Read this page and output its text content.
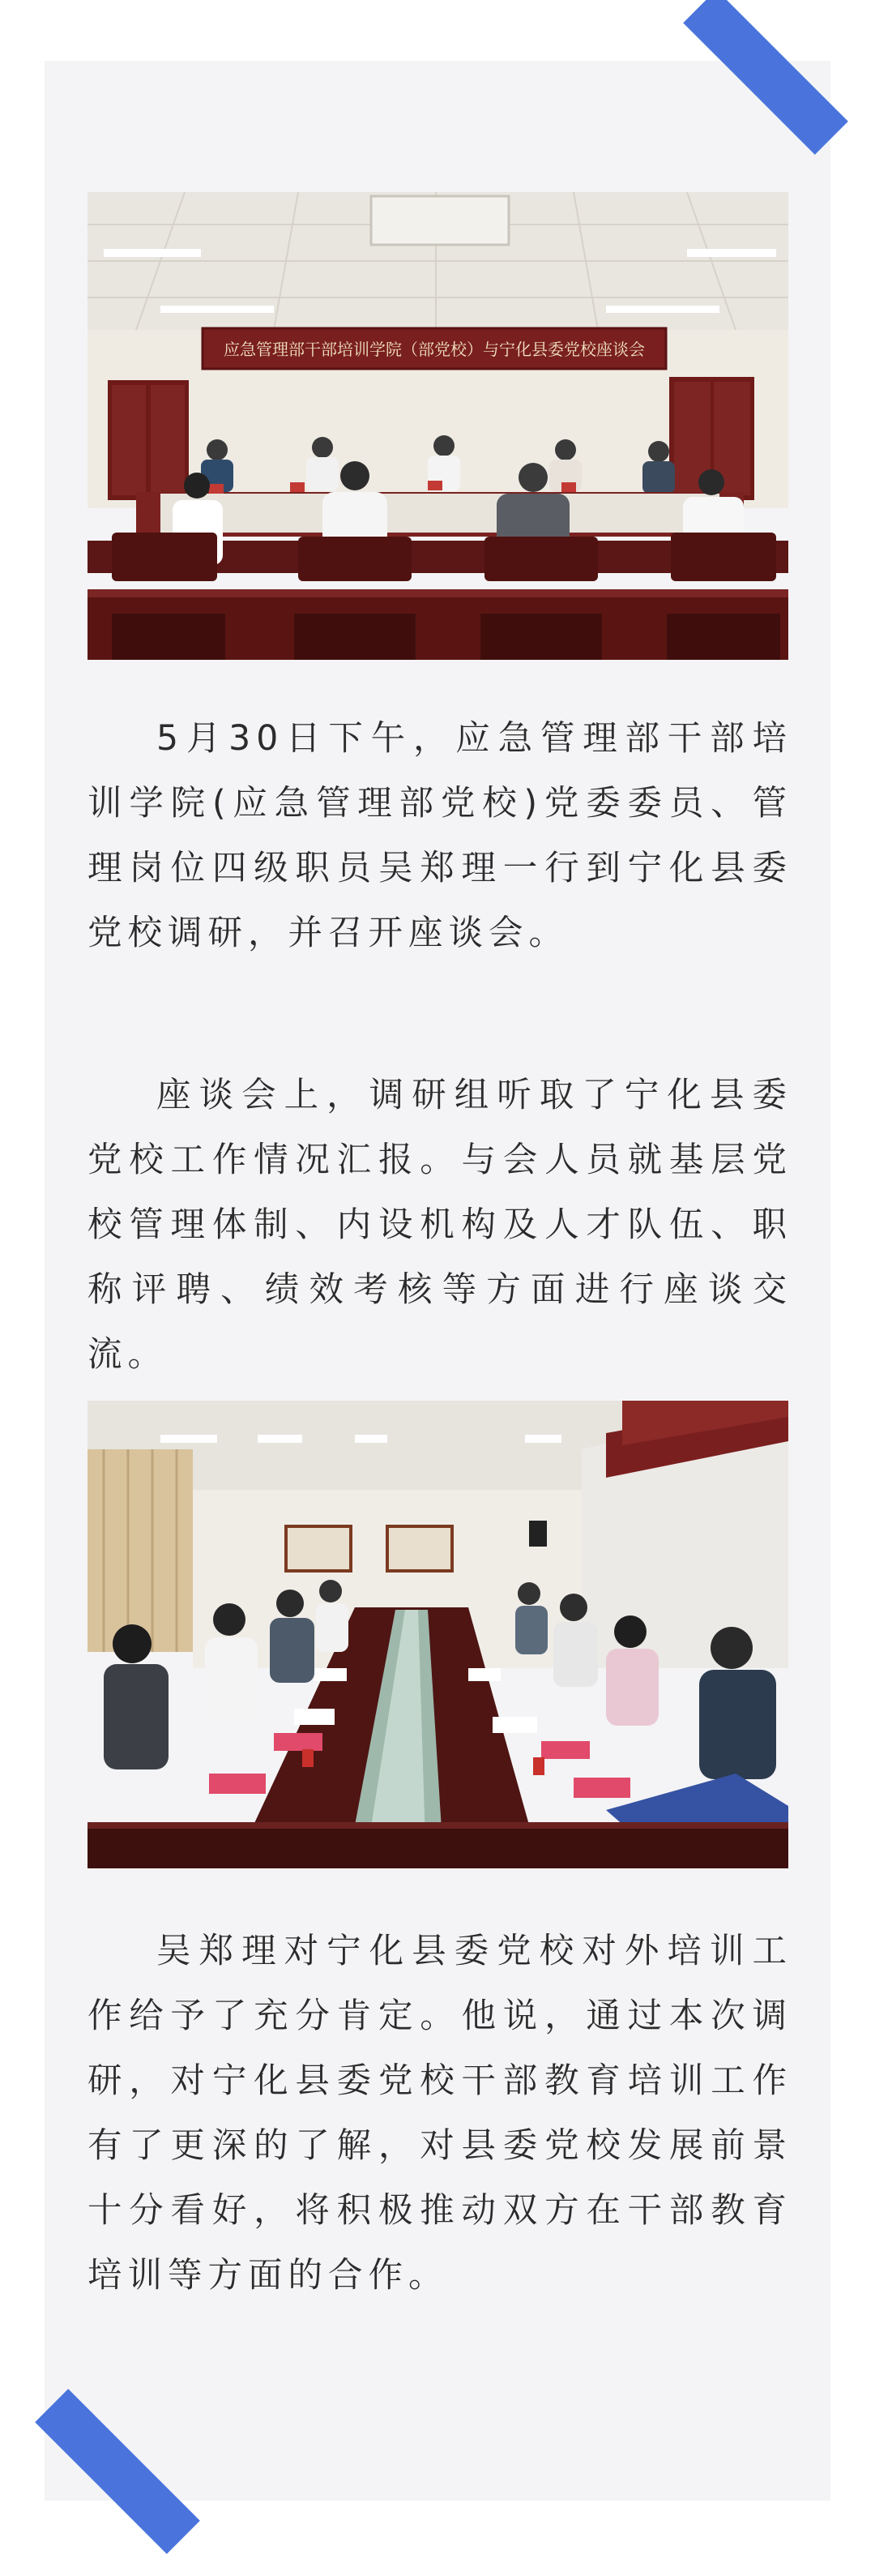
应急管理部干部培训学院（部党校）与宁化县委党校座谈会

5月30日下午，应急管理部干部培训学院(应急管理部党校)党委委员、管理岗位四级职员吴郑理一行到宁化县委党校调研，并召开座谈会。

座谈会上，调研组听取了宁化县委党校工作情况汇报。与会人员就基层党校管理体制、内设机构及人才队伍、职称评聘、绩效考核等方面进行座谈交流。

吴郑理对宁化县委党校对外培训工作给予了充分肯定。他说，通过本次调研，对宁化县委党校干部教育培训工作有了更深的了解，对县委党校发展前景十分看好，将积极推动双方在干部教育培训等方面的合作。
